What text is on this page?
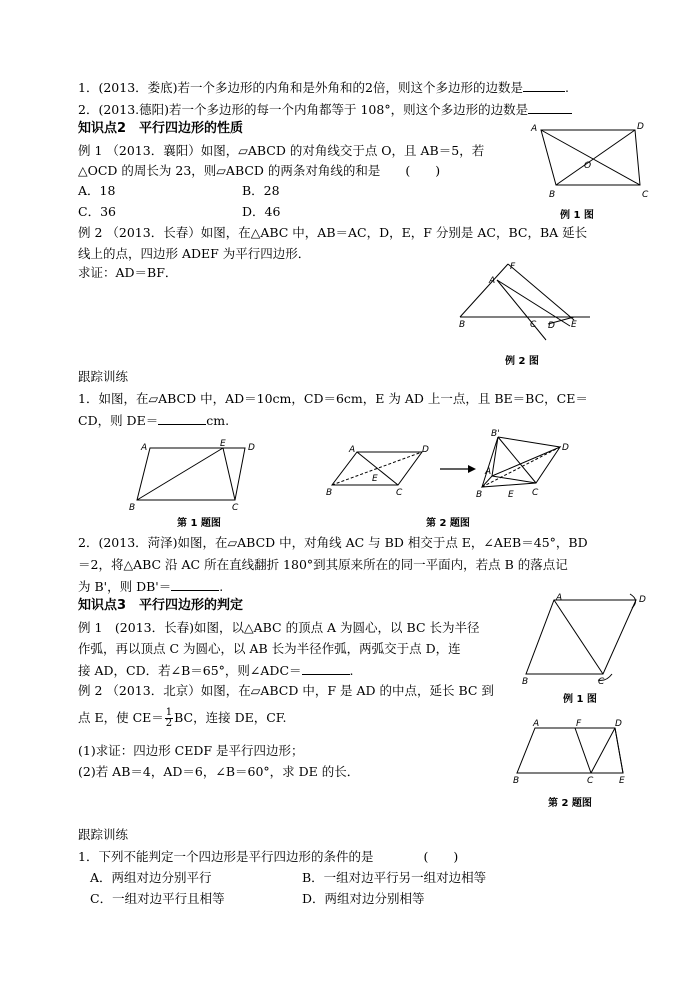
1．(2013．娄底)若一个多边形的内角和是外角和的2倍，则这个多边形的边数是	.
2．(2013.德阳)若一个多边形的每一个内角都等于 108°，则这个多边形的边数是
知识点2　平行四边形的性质
例 1 （2013．襄阳）如图，▱ABCD 的对角线交于点 O，且 AB＝5，若
△OCD 的周长为 23，则▱ABCD 的两条对角线的和是　　(　　)
A．18	B．28
C．36	D．46
例 2 （2013．长春）如图，在△ABC 中，AB＝AC，D，E，F 分别是 AC，BC，BA 延长
线上的点，四边形 ADEF 为平行四边形．
求证：AD＝BF．
A	D
B	C
O
例 1 图
F
A
B	C D E
例 2 图
跟踪训练
1．如图，在▱ABCD 中，AD＝10cm，CD＝6cm，E 为 AD 上一点，且 BE＝BC，CE＝
CD，则 DE＝	cm.
A	E D
B	C
第 1 题图
A	D
B	C
E
B'
A
D
B	C
E
第 2 题图
2．(2013．菏泽)如图，在▱ABCD 中，对角线 AC 与 BD 相交于点 E，∠AEB＝45°，BD
＝2，将△ABC 沿 AC 所在直线翻折 180°到其原来所在的同一平面内，若点 B 的落点记
为 B'，则 DB'＝	.
知识点3　平行四边形的判定
例 1　(2013．长春)如图，以△ABC 的顶点 A 为圆心，以 BC 长为半径
作弧，再以顶点 C 为圆心，以 AB 长为半径作弧，两弧交于点 D，连
接 AD，CD．若∠B＝65°，则∠ADC＝	.
例 2 （2013．北京）如图，在▱ABCD 中，F 是 AD 的中点，延长 BC 到
点 E，使 $CE= \frac{1}{2}$ BC，连接 DE，CF.
(1)求证：四边形 CEDF 是平行四边形；
(2)若 AB＝4，AD＝6，∠B＝60°，求 DE 的长．
A	D
B	C
例 1 图
A	F	D
B	C	E
第 2 题图
跟踪训练
1．下列不能判定一个四边形是平行四边形的条件的是　　　　(　　)
A．两组对边分别平行	B．一组对边平行另一组对边相等
C．一组对边平行且相等	D．两组对边分别相等
